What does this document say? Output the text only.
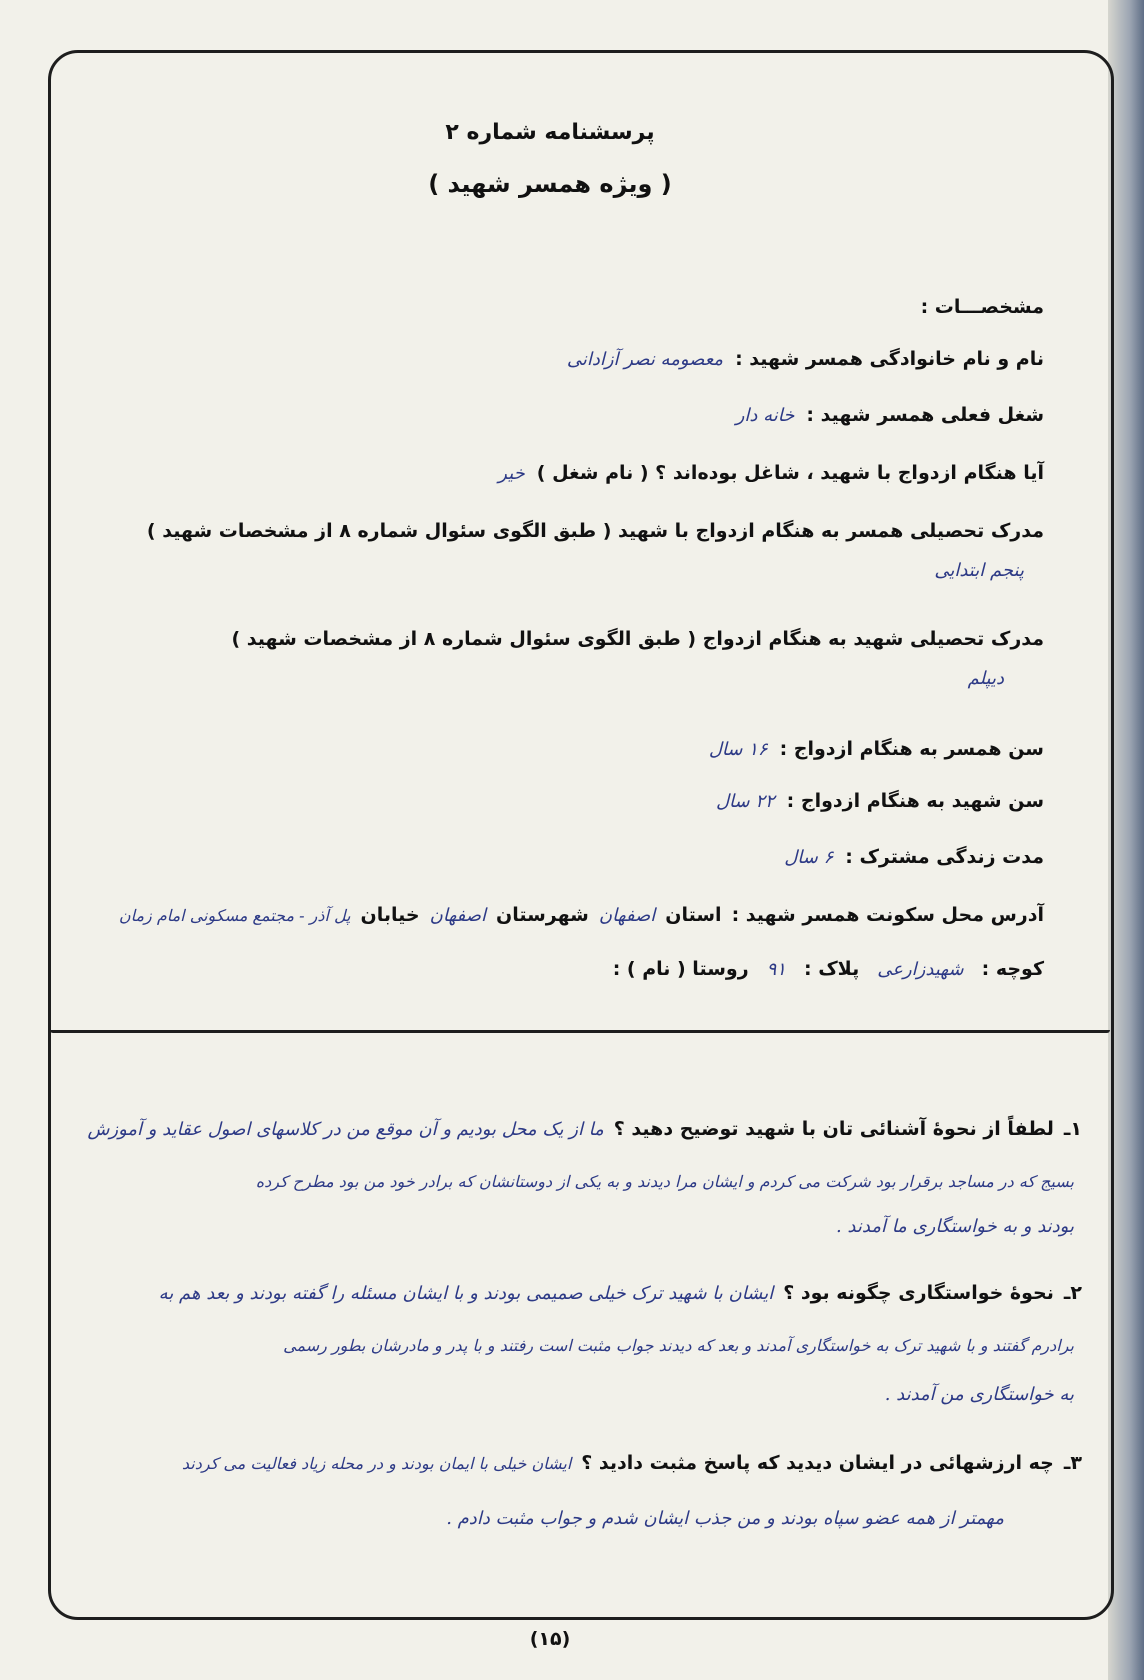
پرسشنامه شماره ۲
( ویژه همسر شهید )
مشخصـــات :
نام و نام خانوادگی همسر شهید :
معصومه نصر آزادانی
شغل فعلی همسر شهید :
خانه دار
آیا هنگام ازدواج با شهید ، شاغل بوده‌اند ؟ ( نام شغل )
خیر
مدرک تحصیلی همسر به هنگام ازدواج با شهید ( طبق الگوی سئوال شماره ۸ از مشخصات شهید )
پنجم ابتدایی
مدرک تحصیلی شهید به هنگام ازدواج ( طبق الگوی سئوال شماره ۸ از مشخصات شهید )
دیپلم
سن همسر به هنگام ازدواج :
۱۶ سال
سن شهید به هنگام ازدواج :
۲۲ سال
مدت زندگی مشترک :
۶ سال
آدرس محل سکونت همسر شهید :
استان
اصفهان
شهرستان
اصفهان
خیابان
پل آذر - مجتمع مسکونی امام زمان
کوچه :
شهیدزارعی
پلاک :
۹۱
روستا ( نام ) :
۱ـ
لطفاً از نحوهٔ آشنائی تان با شهید توضیح دهید ؟
ما از یک محل بودیم و آن موقع من در کلاسهای اصول عقاید و آموزش
بسیج که در مساجد برقرار بود شرکت می کردم و ایشان مرا دیدند و به یکی از دوستانشان که برادر خود من بود مطرح کرده
بودند و به خواستگاری ما آمدند .
۲ـ
نحوهٔ خواستگاری چگونه بود ؟
ایشان با شهید ترک خیلی صمیمی بودند و با ایشان مسئله را گفته بودند و بعد هم به
برادرم گفتند و با شهید ترک به خواستگاری آمدند و بعد که دیدند جواب مثبت است رفتند و با پدر و مادرشان بطور رسمی
به خواستگاری من آمدند .
۳ـ
چه ارزشهائی در ایشان دیدید که پاسخ مثبت دادید ؟
ایشان خیلی با ایمان بودند و در محله زیاد فعالیت می کردند
مهمتر از همه عضو سپاه بودند و من جذب ایشان شدم و جواب مثبت دادم .
(۱۵)
